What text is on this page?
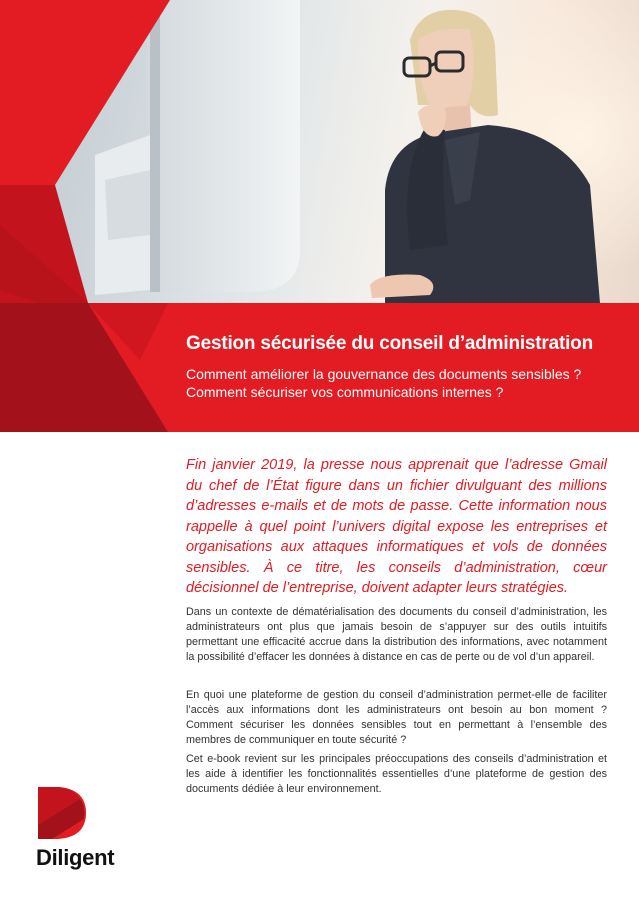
Gestion sécurisée du conseil d’administration

Comment améliorer la gouvernance des documents sensibles ?
Comment sécuriser vos communications internes ?

Fin janvier 2019, la presse nous apprenait que l’adresse Gmail du chef de l’État figure dans un fichier divulguant des millions d’adresses e-mails et de mots de passe. Cette information nous rappelle à quel point l’univers digital expose les entreprises et organisations aux attaques informatiques et vols de données sensibles. À ce titre, les conseils d’administration, cœur décisionnel de l’entreprise, doivent adapter leurs stratégies.

Dans un contexte de dématérialisation des documents du conseil d’administration, les administrateurs ont plus que jamais besoin de s’appuyer sur des outils intuitifs permettant une efficacité accrue dans la distribution des informations, avec notamment la possibilité d’effacer les données à distance en cas de perte ou de vol d’un appareil.

En quoi une plateforme de gestion du conseil d’administration permet-elle de faciliter l’accès aux informations dont les administrateurs ont besoin au bon moment ? Comment sécuriser les données sensibles tout en permettant à l’ensemble des membres de communiquer en toute sécurité ?

Cet e-book revient sur les principales préoccupations des conseils d’administration et les aide à identifier les fonctionnalités essentielles d’une plateforme de gestion des documents dédiée à leur environnement.

Diligent
